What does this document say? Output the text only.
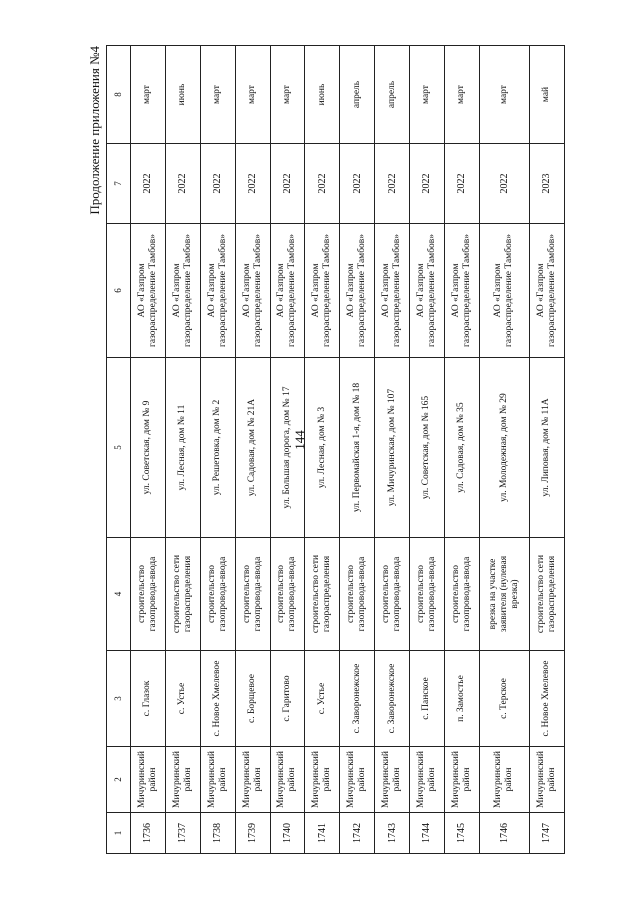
144
Продолжение приложения №4
1	2	3	4	5	6	7	8
1736	Мичуринский район	с. Глазок	строительство газопровода-ввода	ул. Советская, дом № 9	АО «Газпром газораспределение Тамбов»	2022	март
1737	Мичуринский район	с. Устье	строительство сети газораспределения	ул. Лесная, дом № 11	АО «Газпром газораспределение Тамбов»	2022	июнь
1738	Мичуринский район	с. Новое Хмелевое	строительство газопровода-ввода	ул. Решетовка, дом № 2	АО «Газпром газораспределение Тамбов»	2022	март
1739	Мичуринский район	с. Борщевое	строительство газопровода-ввода	ул. Садовая, дом № 21А	АО «Газпром газораспределение Тамбов»	2022	март
1740	Мичуринский район	с. Гаритово	строительство газопровода-ввода	ул. Большая дорога, дом № 17	АО «Газпром газораспределение Тамбов»	2022	март
1741	Мичуринский район	с. Устье	строительство сети газораспределения	ул. Лесная, дом № 3	АО «Газпром газораспределение Тамбов»	2022	июнь
1742	Мичуринский район	с. Заворонежское	строительство газопровода-ввода	ул. Первомайская 1-я, дом № 18	АО «Газпром газораспределение Тамбов»	2022	апрель
1743	Мичуринский район	с. Заворонежское	строительство газопровода-ввода	ул. Мичуринская, дом № 107	АО «Газпром газораспределение Тамбов»	2022	апрель
1744	Мичуринский район	с. Панское	строительство газопровода-ввода	ул. Советская, дом № 165	АО «Газпром газораспределение Тамбов»	2022	март
1745	Мичуринский район	п. Замостье	строительство газопровода-ввода	ул. Садовая, дом № 35	АО «Газпром газораспределение Тамбов»	2022	март
1746	Мичуринский район	с. Терское	врезка на участке заявителя (нулевая врезка)	ул. Молодежная, дом № 29	АО «Газпром газораспределение Тамбов»	2022	март
1747	Мичуринский район	с. Новое Хмелевое	строительство сети газораспределения	ул. Липовая, дом № 11А	АО «Газпром газораспределение Тамбов»	2023	май
